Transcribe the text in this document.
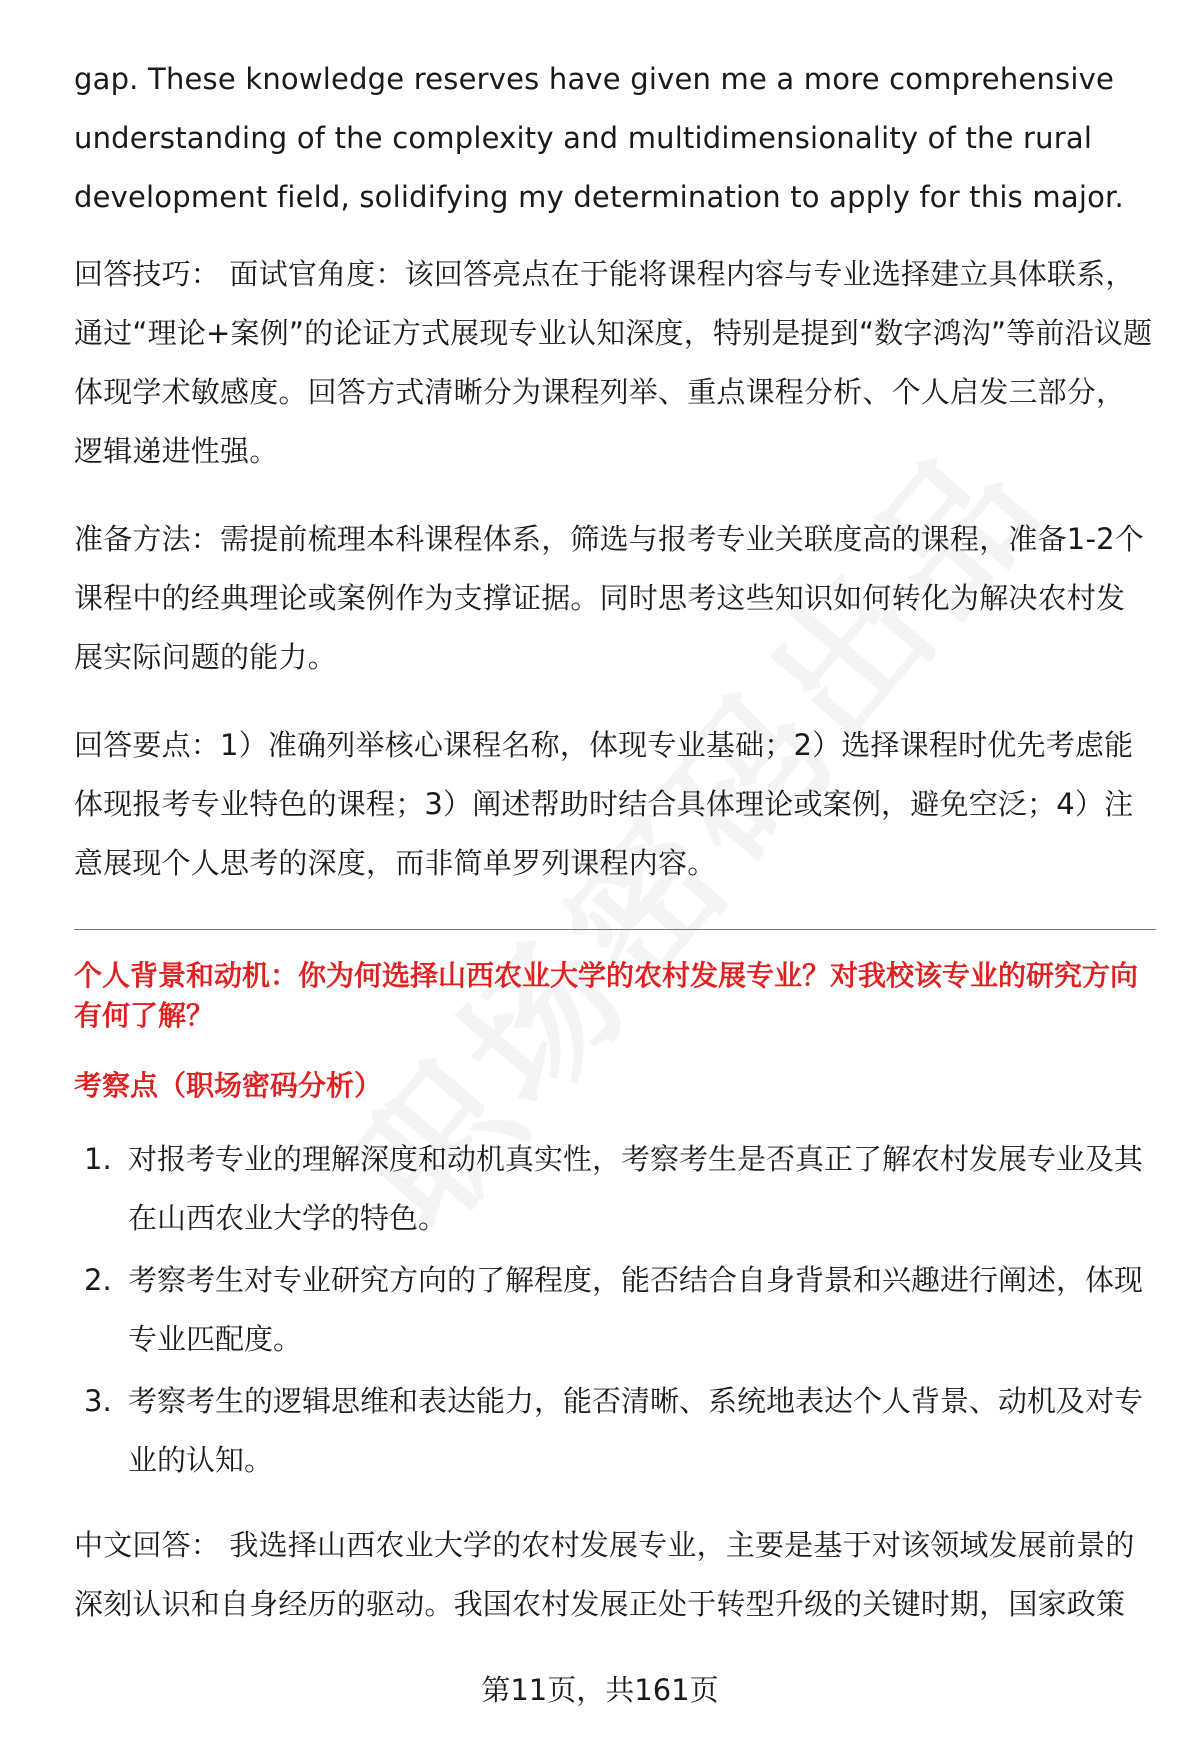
gap. These knowledge reserves have given me a more comprehensive understanding of the complexity and multidimensionality of the rural development field, solidifying my determination to apply for this major.

回答技巧： 面试官角度：该回答亮点在于能将课程内容与专业选择建立具体联系，通过“理论+案例”的论证方式展现专业认知深度，特别是提到“数字鸿沟”等前沿议题体现学术敏感度。回答方式清晰分为课程列举、重点课程分析、个人启发三部分，逻辑递进性强。

准备方法：需提前梳理本科课程体系，筛选与报考专业关联度高的课程，准备1-2个课程中的经典理论或案例作为支撑证据。同时思考这些知识如何转化为解决农村发展实际问题的能力。

回答要点：1）准确列举核心课程名称，体现专业基础；2）选择课程时优先考虑能体现报考专业特色的课程；3）阐述帮助时结合具体理论或案例，避免空泛；4）注意展现个人思考的深度，而非简单罗列课程内容。

个人背景和动机：你为何选择山西农业大学的农村发展专业？对我校该专业的研究方向有何了解？
考察点（职场密码分析）
1. 对报考专业的理解深度和动机真实性，考察考生是否真正了解农村发展专业及其在山西农业大学的特色。
2. 考察考生对专业研究方向的了解程度，能否结合自身背景和兴趣进行阐述，体现专业匹配度。
3. 考察考生的逻辑思维和表达能力，能否清晰、系统地表达个人背景、动机及对专业的认知。

中文回答： 我选择山西农业大学的农村发展专业，主要是基于对该领域发展前景的深刻认识和自身经历的驱动。我国农村发展正处于转型升级的关键时期，国家政策

第11页，共161页
